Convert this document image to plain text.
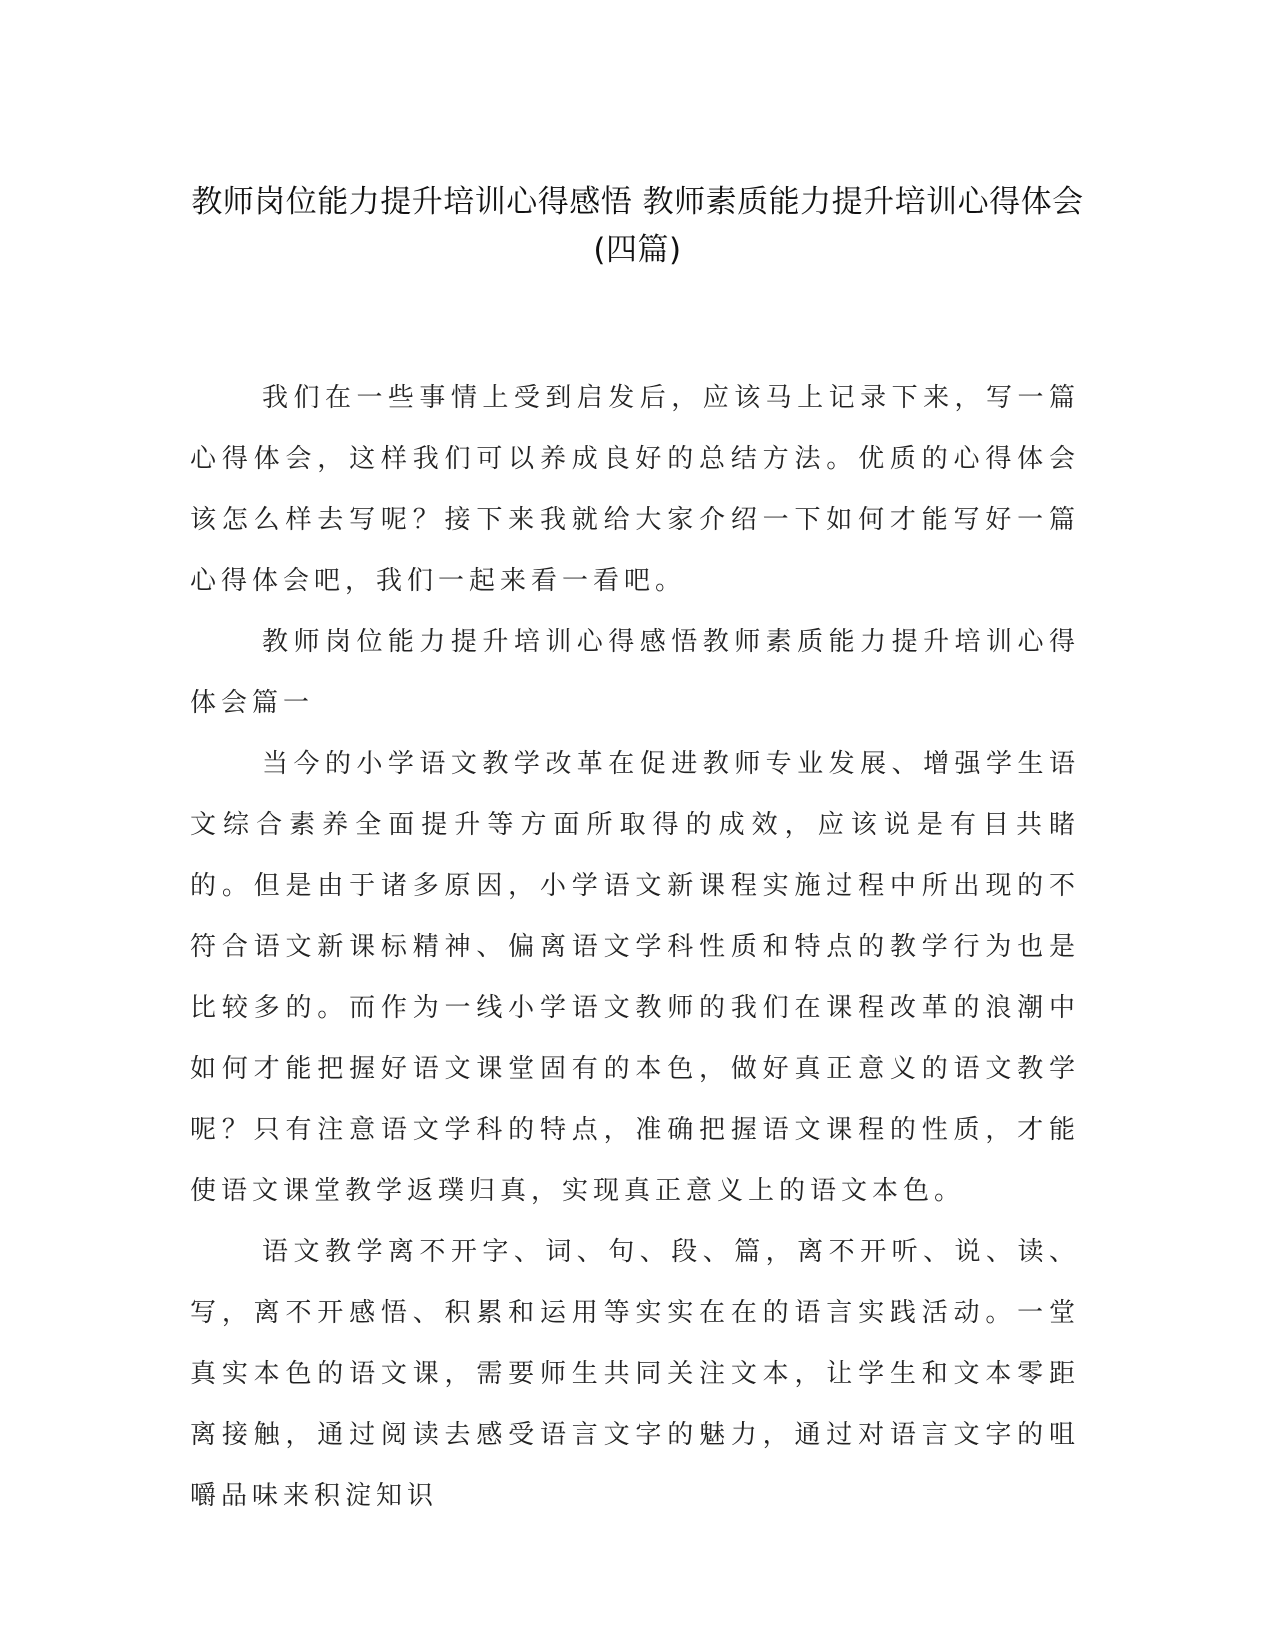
教师岗位能力提升培训心得感悟 教师素质能力提升培训心得体会(四篇)

我们在一些事情上受到启发后，应该马上记录下来，写一篇心得体会，这样我们可以养成良好的总结方法。优质的心得体会该怎么样去写呢？接下来我就给大家介绍一下如何才能写好一篇心得体会吧，我们一起来看一看吧。

教师岗位能力提升培训心得感悟教师素质能力提升培训心得体会篇一

当今的小学语文教学改革在促进教师专业发展、增强学生语文综合素养全面提升等方面所取得的成效，应该说是有目共睹的。但是由于诸多原因，小学语文新课程实施过程中所出现的不符合语文新课标精神、偏离语文学科性质和特点的教学行为也是比较多的。而作为一线小学语文教师的我们在课程改革的浪潮中如何才能把握好语文课堂固有的本色，做好真正意义的语文教学呢？只有注意语文学科的特点，准确把握语文课程的性质，才能使语文课堂教学返璞归真，实现真正意义上的语文本色。

语文教学离不开字、词、句、段、篇，离不开听、说、读、写，离不开感悟、积累和运用等实实在在的语言实践活动。一堂真实本色的语文课，需要师生共同关注文本，让学生和文本零距离接触，通过阅读去感受语言文字的魅力，通过对语言文字的咀嚼品味来积淀知识
